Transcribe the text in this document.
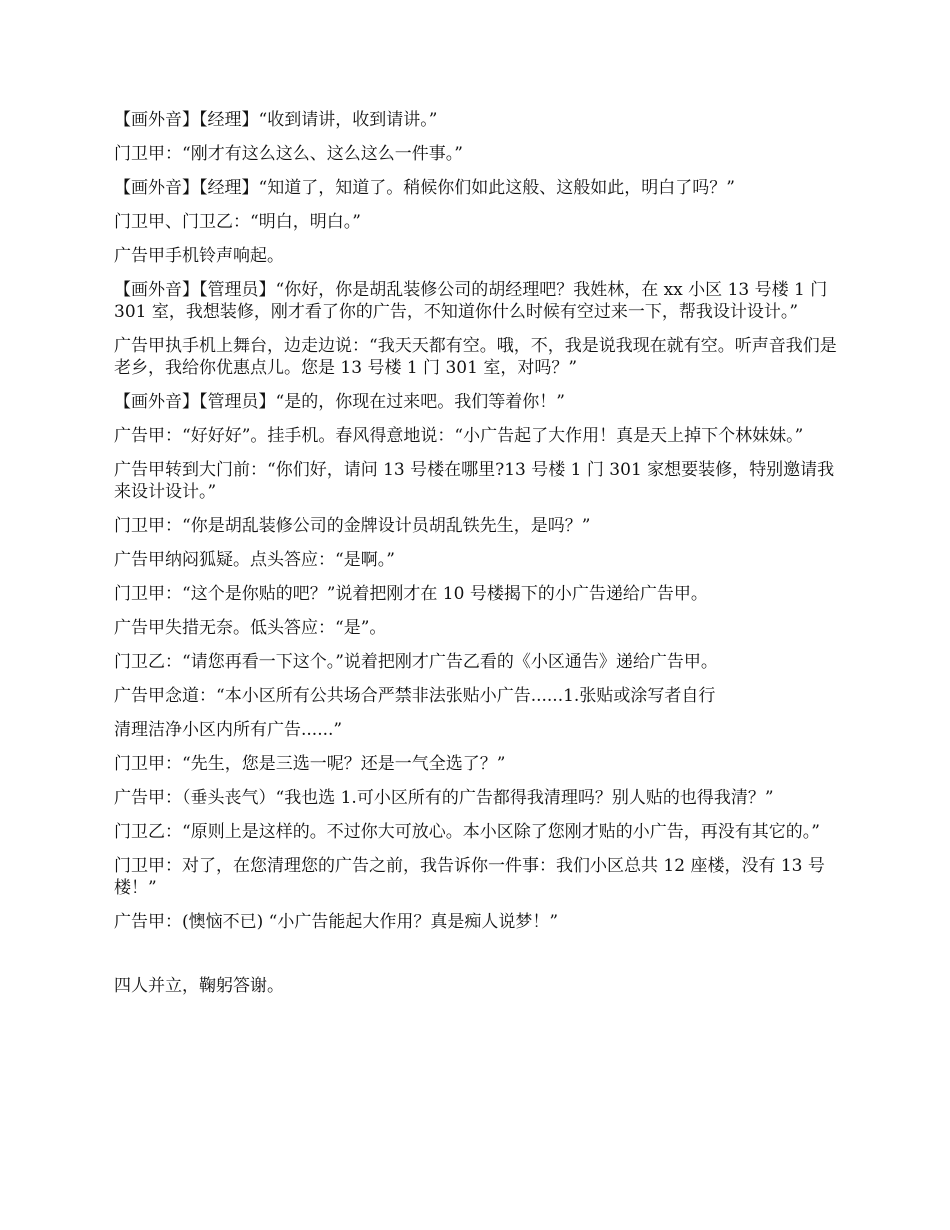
【画外音】【经理】“收到请讲，收到请讲。”

门卫甲：“刚才有这么这么、这么这么一件事。”

【画外音】【经理】“知道了，知道了。稍候你们如此这般、这般如此，明白了吗？”

门卫甲、门卫乙：“明白，明白。”

广告甲手机铃声响起。

【画外音】【管理员】“你好，你是胡乱装修公司的胡经理吧？我姓林，在 xx 小区 13 号楼 1 门 301 室，我想装修，刚才看了你的广告，不知道你什么时候有空过来一下，帮我设计设计。”

广告甲执手机上舞台，边走边说：“我天天都有空。哦，不，我是说我现在就有空。听声音我们是老乡，我给你优惠点儿。您是 13 号楼 1 门 301 室，对吗？”

【画外音】【管理员】“是的，你现在过来吧。我们等着你！”

广告甲：“好好好”。挂手机。春风得意地说：“小广告起了大作用！真是天上掉下个林妹妹。”

广告甲转到大门前：“你们好，请问 13 号楼在哪里?13 号楼 1 门 301 家想要装修，特别邀请我来设计设计。”

门卫甲：“你是胡乱装修公司的金牌设计员胡乱铁先生，是吗？”

广告甲纳闷狐疑。点头答应：“是啊。”

门卫甲：“这个是你贴的吧？”说着把刚才在 10 号楼揭下的小广告递给广告甲。

广告甲失措无奈。低头答应：“是”。

门卫乙：“请您再看一下这个。”说着把刚才广告乙看的《小区通告》递给广告甲。

广告甲念道：“本小区所有公共场合严禁非法张贴小广告......1.张贴或涂写者自行

清理洁净小区内所有广告......”

门卫甲：“先生，您是三选一呢？还是一气全选了？”

广告甲：（垂头丧气）“我也选 1.可小区所有的广告都得我清理吗？别人贴的也得我清？”

门卫乙：“原则上是这样的。不过你大可放心。本小区除了您刚才贴的小广告，再没有其它的。”

门卫甲：对了，在您清理您的广告之前，我告诉你一件事：我们小区总共 12 座楼，没有 13 号楼！”

广告甲：(懊恼不已) “小广告能起大作用？真是痴人说梦！”

四人并立，鞠躬答谢。
